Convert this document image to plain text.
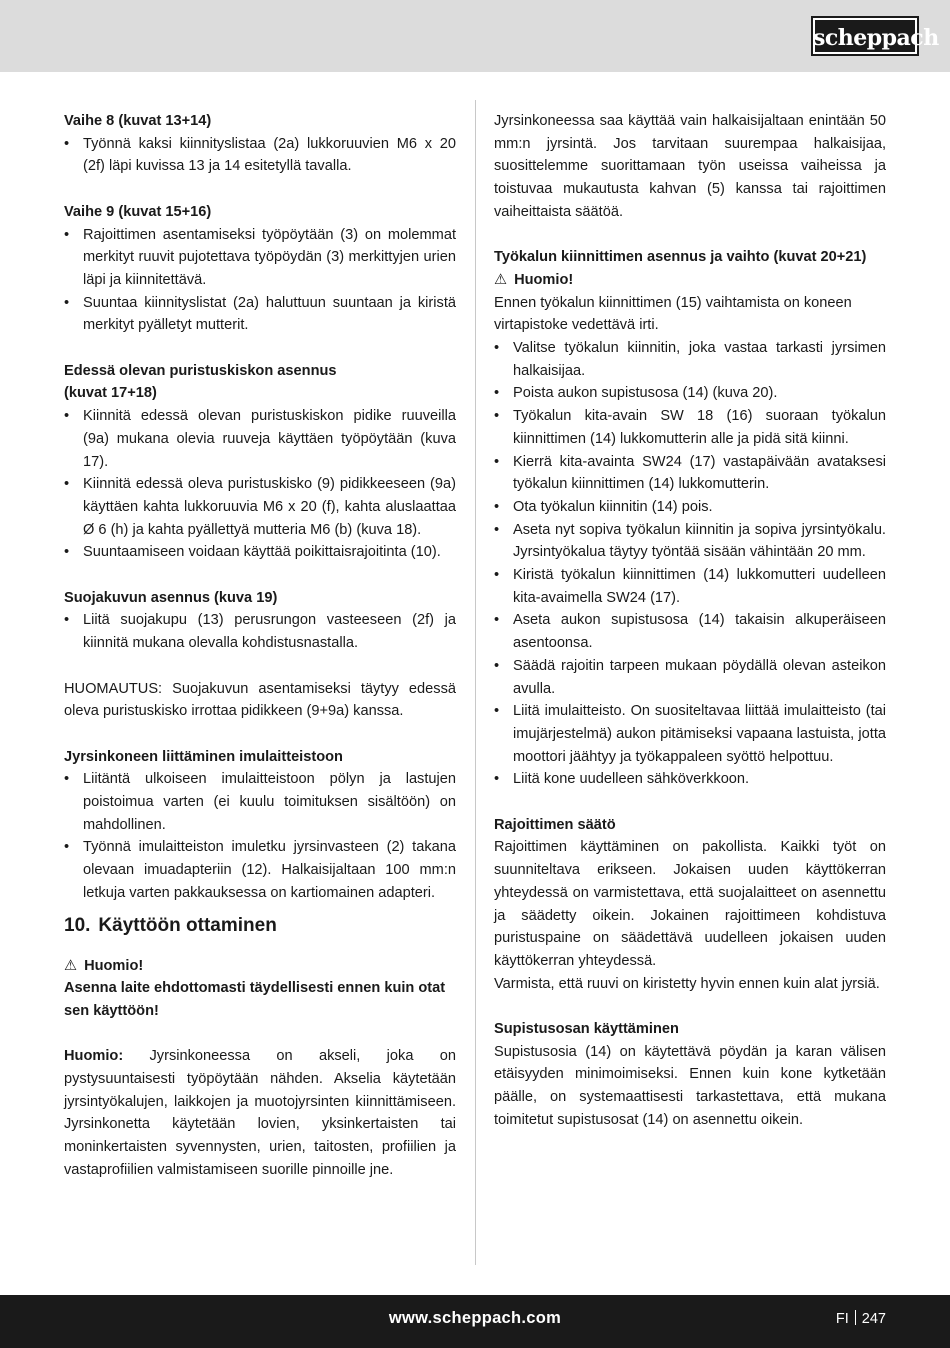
scheppach
Vaihe 8 (kuvat 13+14)
• Työnnä kaksi kiinnityslistaa (2a) lukkoruuvien M6 x 20 (2f) läpi kuvissa 13 ja 14 esitetyllä tavalla.
Vaihe 9 (kuvat 15+16)
• Rajoittimen asentamiseksi työpöytään (3) on molemmat merkityt ruuvit pujotettava työpöydän (3) merkittyjen urien läpi ja kiinnitettävä.
• Suuntaa kiinnityslistat (2a) haluttuun suuntaan ja kiristä merkityt pyälletyt mutterit.
Edessä olevan puristuskiskon asennus
(kuvat 17+18)
• Kiinnitä edessä olevan puristuskiskon pidike ruuveilla (9a) mukana olevia ruuveja käyttäen työpöytään (kuva 17).
• Kiinnitä edessä oleva puristuskisko (9) pidikkeeseen (9a) käyttäen kahta lukkoruuvia M6 x 20 (f), kahta aluslaattaa Ø 6 (h) ja kahta pyällettyä mutteria M6 (b) (kuva 18).
• Suuntaamiseen voidaan käyttää poikittaisrajoitinta (10).
Suojakuvun asennus (kuva 19)
• Liitä suojakupu (13) perusrungon vasteeseen (2f) ja kiinnitä mukana olevalla kohdistusnastalla.
HUOMAUTUS: Suojakuvun asentamiseksi täytyy edessä oleva puristuskisko irrottaa pidikkeen (9+9a) kanssa.
Jyrsinkoneen liittäminen imulaitteistoon
• Liitäntä ulkoiseen imulaitteistoon pölyn ja lastujen poistoimua varten (ei kuulu toimituksen sisältöön) on mahdollinen.
• Työnnä imulaitteiston imuletku jyrsinvasteen (2) takana olevaan imuadapteriin (12). Halkaisijaltaan 100 mm:n letkuja varten pakkauksessa on kartiomainen adapteri.
10. Käyttöön ottaminen
⚠ Huomio!
Asenna laite ehdottomasti täydellisesti ennen kuin otat sen käyttöön!
Huomio: Jyrsinkoneessa on akseli, joka on pystysuuntaisesti työpöytään nähden. Akselia käytetään jyrsintyökalujen, laikkojen ja muotojyrsinten kiinnittämiseen. Jyrsinkonetta käytetään lovien, yksinkertaisten tai moninkertaisten syvennysten, urien, taitosten, profiilien ja vastaprofiilien valmistamiseen suorille pinnoille jne.
Jyrsinkoneessa saa käyttää vain halkaisijaltaan enintään 50 mm:n jyrsintä. Jos tarvitaan suurempaa halkaisijaa, suosittelemme suorittamaan työn useissa vaiheissa ja toistuvaa mukautusta kahvan (5) kanssa tai rajoittimen vaiheittaista säätöä.
Työkalun kiinnittimen asennus ja vaihto (kuvat 20+21)
⚠ Huomio!
Ennen työkalun kiinnittimen (15) vaihtamista on koneen virtapistoke vedettävä irti.
• Valitse työkalun kiinnitin, joka vastaa tarkasti jyrsimen halkaisijaa.
• Poista aukon supistusosa (14) (kuva 20).
• Työkalun kita-avain SW 18 (16) suoraan työkalun kiinnittimen (14) lukkomutterin alle ja pidä sitä kiinni.
• Kierrä kita-avainta SW24 (17) vastapäivään avataksesi työkalun kiinnittimen (14) lukkomutterin.
• Ota työkalun kiinnitin (14) pois.
• Aseta nyt sopiva työkalun kiinnitin ja sopiva jyrsintyökalu. Jyrsintyökalua täytyy työntää sisään vähintään 20 mm.
• Kiristä työkalun kiinnittimen (14) lukkomutteri uudelleen kita-avaimella SW24 (17).
• Aseta aukon supistusosa (14) takaisin alkuperäiseen asentoonsa.
• Säädä rajoitin tarpeen mukaan pöydällä olevan asteikon avulla.
• Liitä imulaitteisto. On suositeltavaa liittää imulaitteisto (tai imujärjestelmä) aukon pitämiseksi vapaana lastuista, jotta moottori jäähtyy ja työkappaleen syöttö helpottuu.
• Liitä kone uudelleen sähköverkkoon.
Rajoittimen säätö
Rajoittimen käyttäminen on pakollista. Kaikki työt on suunniteltava erikseen. Jokaisen uuden käyttökerran yhteydessä on varmistettava, että suojalaitteet on asennettu ja säädetty oikein. Jokainen rajoittimeen kohdistuva puristuspaine on säädettävä uudelleen jokaisen uuden käyttökerran yhteydessä.
Varmista, että ruuvi on kiristetty hyvin ennen kuin alat jyrsiä.
Supistusosan käyttäminen
Supistusosia (14) on käytettävä pöydän ja karan välisen etäisyyden minimoimiseksi. Ennen kuin kone kytketään päälle, on systemaattisesti tarkastettava, että mukana toimitetut supistusosat (14) on asennettu oikein.
www.scheppach.com	FI 247
